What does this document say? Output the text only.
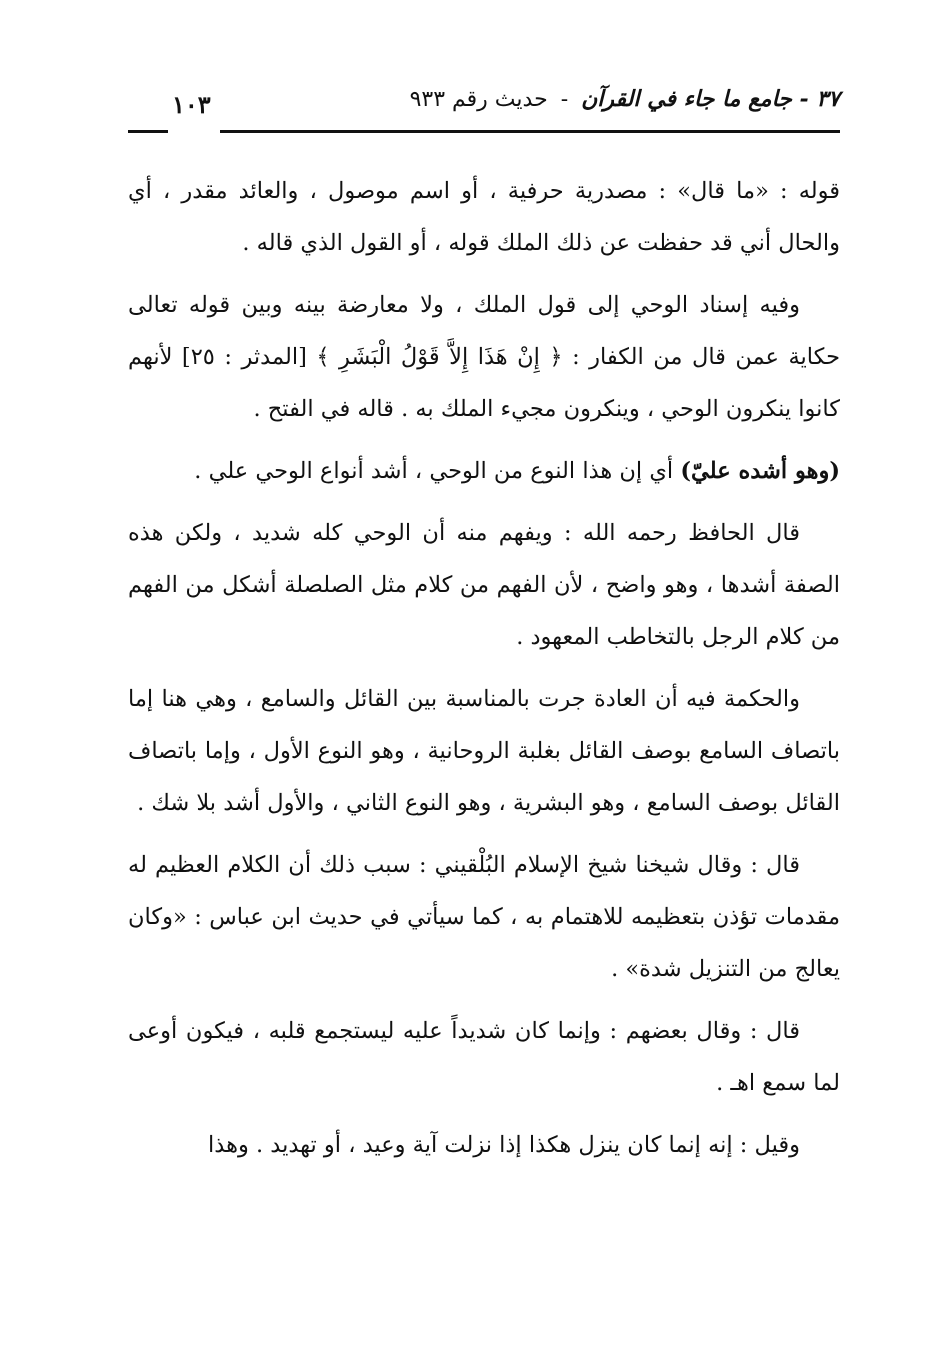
٣٧ - جامع ما جاء في القرآن - حديث رقم ٩٣٣
١٠٣

قوله : «ما قال» : مصدرية حرفية ، أو اسم موصول ، والعائد مقدر ، أي والحال أني قد حفظت عن ذلك الملك قوله ، أو القول الذي قاله .

وفيه إسناد الوحي إلى قول الملك ، ولا معارضة بينه وبين قوله تعالى حكاية عمن قال من الكفار : ﴿ إِنْ هَذَا إِلاَّ قَوْلُ الْبَشَرِ ﴾ [المدثر : ٢٥] لأنهم كانوا ينكرون الوحي ، وينكرون مجيء الملك به . قاله في الفتح .

(وهو أشده عليّ) أي إن هذا النوع من الوحي ، أشد أنواع الوحي علي .

قال الحافظ رحمه الله : ويفهم منه أن الوحي كله شديد ، ولكن هذه الصفة أشدها ، وهو واضح ، لأن الفهم من كلام مثل الصلصلة أشكل من الفهم من كلام الرجل بالتخاطب المعهود .

والحكمة فيه أن العادة جرت بالمناسبة بين القائل والسامع ، وهي هنا إما باتصاف السامع بوصف القائل بغلبة الروحانية ، وهو النوع الأول ، وإما باتصاف القائل بوصف السامع ، وهو البشرية ، وهو النوع الثاني ، والأول أشد بلا شك .

قال : وقال شيخنا شيخ الإسلام البُلْقيني : سبب ذلك أن الكلام العظيم له مقدمات تؤذن بتعظيمه للاهتمام به ، كما سيأتي في حديث ابن عباس : «وكان يعالج من التنزيل شدة» .

قال : وقال بعضهم : وإنما كان شديداً عليه ليستجمع قلبه ، فيكون أوعى لما سمع اهـ .

وقيل : إنه إنما كان ينزل هكذا إذا نزلت آية وعيد ، أو تهديد . وهذا
